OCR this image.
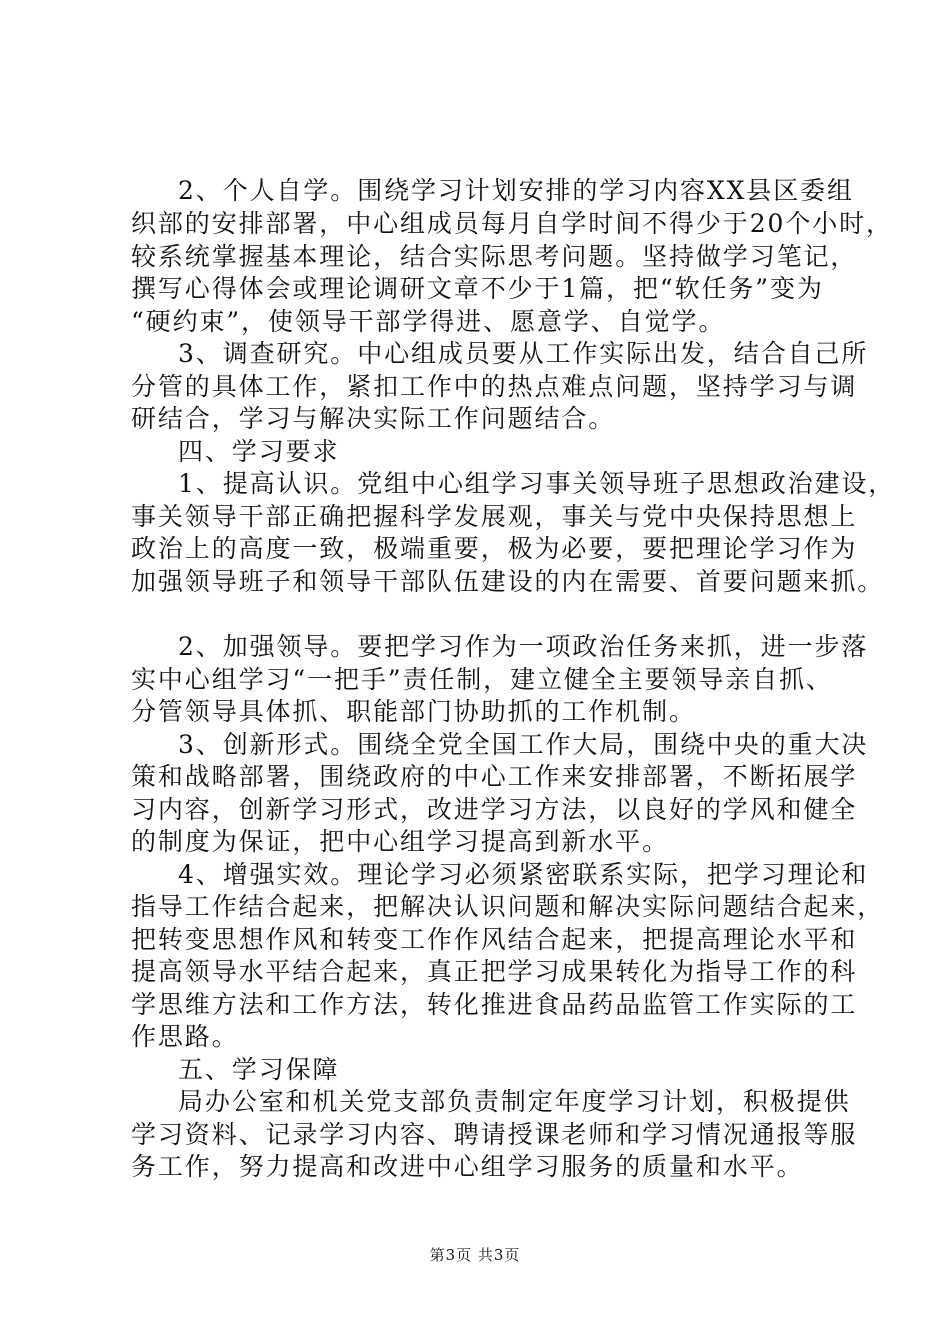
2、个人自学。围绕学习计划安排的学习内容XX县区委组
织部的安排部署，中心组成员每月自学时间不得少于20个小时，
较系统掌握基本理论，结合实际思考问题。坚持做学习笔记，
撰写心得体会或理论调研文章不少于1篇，把“软任务”变为
“硬约束”，使领导干部学得进、愿意学、自觉学。
3、调查研究。中心组成员要从工作实际出发，结合自己所
分管的具体工作，紧扣工作中的热点难点问题，坚持学习与调
研结合，学习与解决实际工作问题结合。
四、学习要求
1、提高认识。党组中心组学习事关领导班子思想政治建设，
事关领导干部正确把握科学发展观，事关与党中央保持思想上
政治上的高度一致，极端重要，极为必要，要把理论学习作为
加强领导班子和领导干部队伍建设的内在需要、首要问题来抓。
2、加强领导。要把学习作为一项政治任务来抓，进一步落
实中心组学习“一把手”责任制，建立健全主要领导亲自抓、
分管领导具体抓、职能部门协助抓的工作机制。
3、创新形式。围绕全党全国工作大局，围绕中央的重大决
策和战略部署，围绕政府的中心工作来安排部署，不断拓展学
习内容，创新学习形式，改进学习方法，以良好的学风和健全
的制度为保证，把中心组学习提高到新水平。
4、增强实效。理论学习必须紧密联系实际，把学习理论和
指导工作结合起来，把解决认识问题和解决实际问题结合起来，
把转变思想作风和转变工作作风结合起来，把提高理论水平和
提高领导水平结合起来，真正把学习成果转化为指导工作的科
学思维方法和工作方法，转化推进食品药品监管工作实际的工
作思路。
五、学习保障
局办公室和机关党支部负责制定年度学习计划，积极提供
学习资料、记录学习内容、聘请授课老师和学习情况通报等服
务工作，努力提高和改进中心组学习服务的质量和水平。
第3页 共3页
